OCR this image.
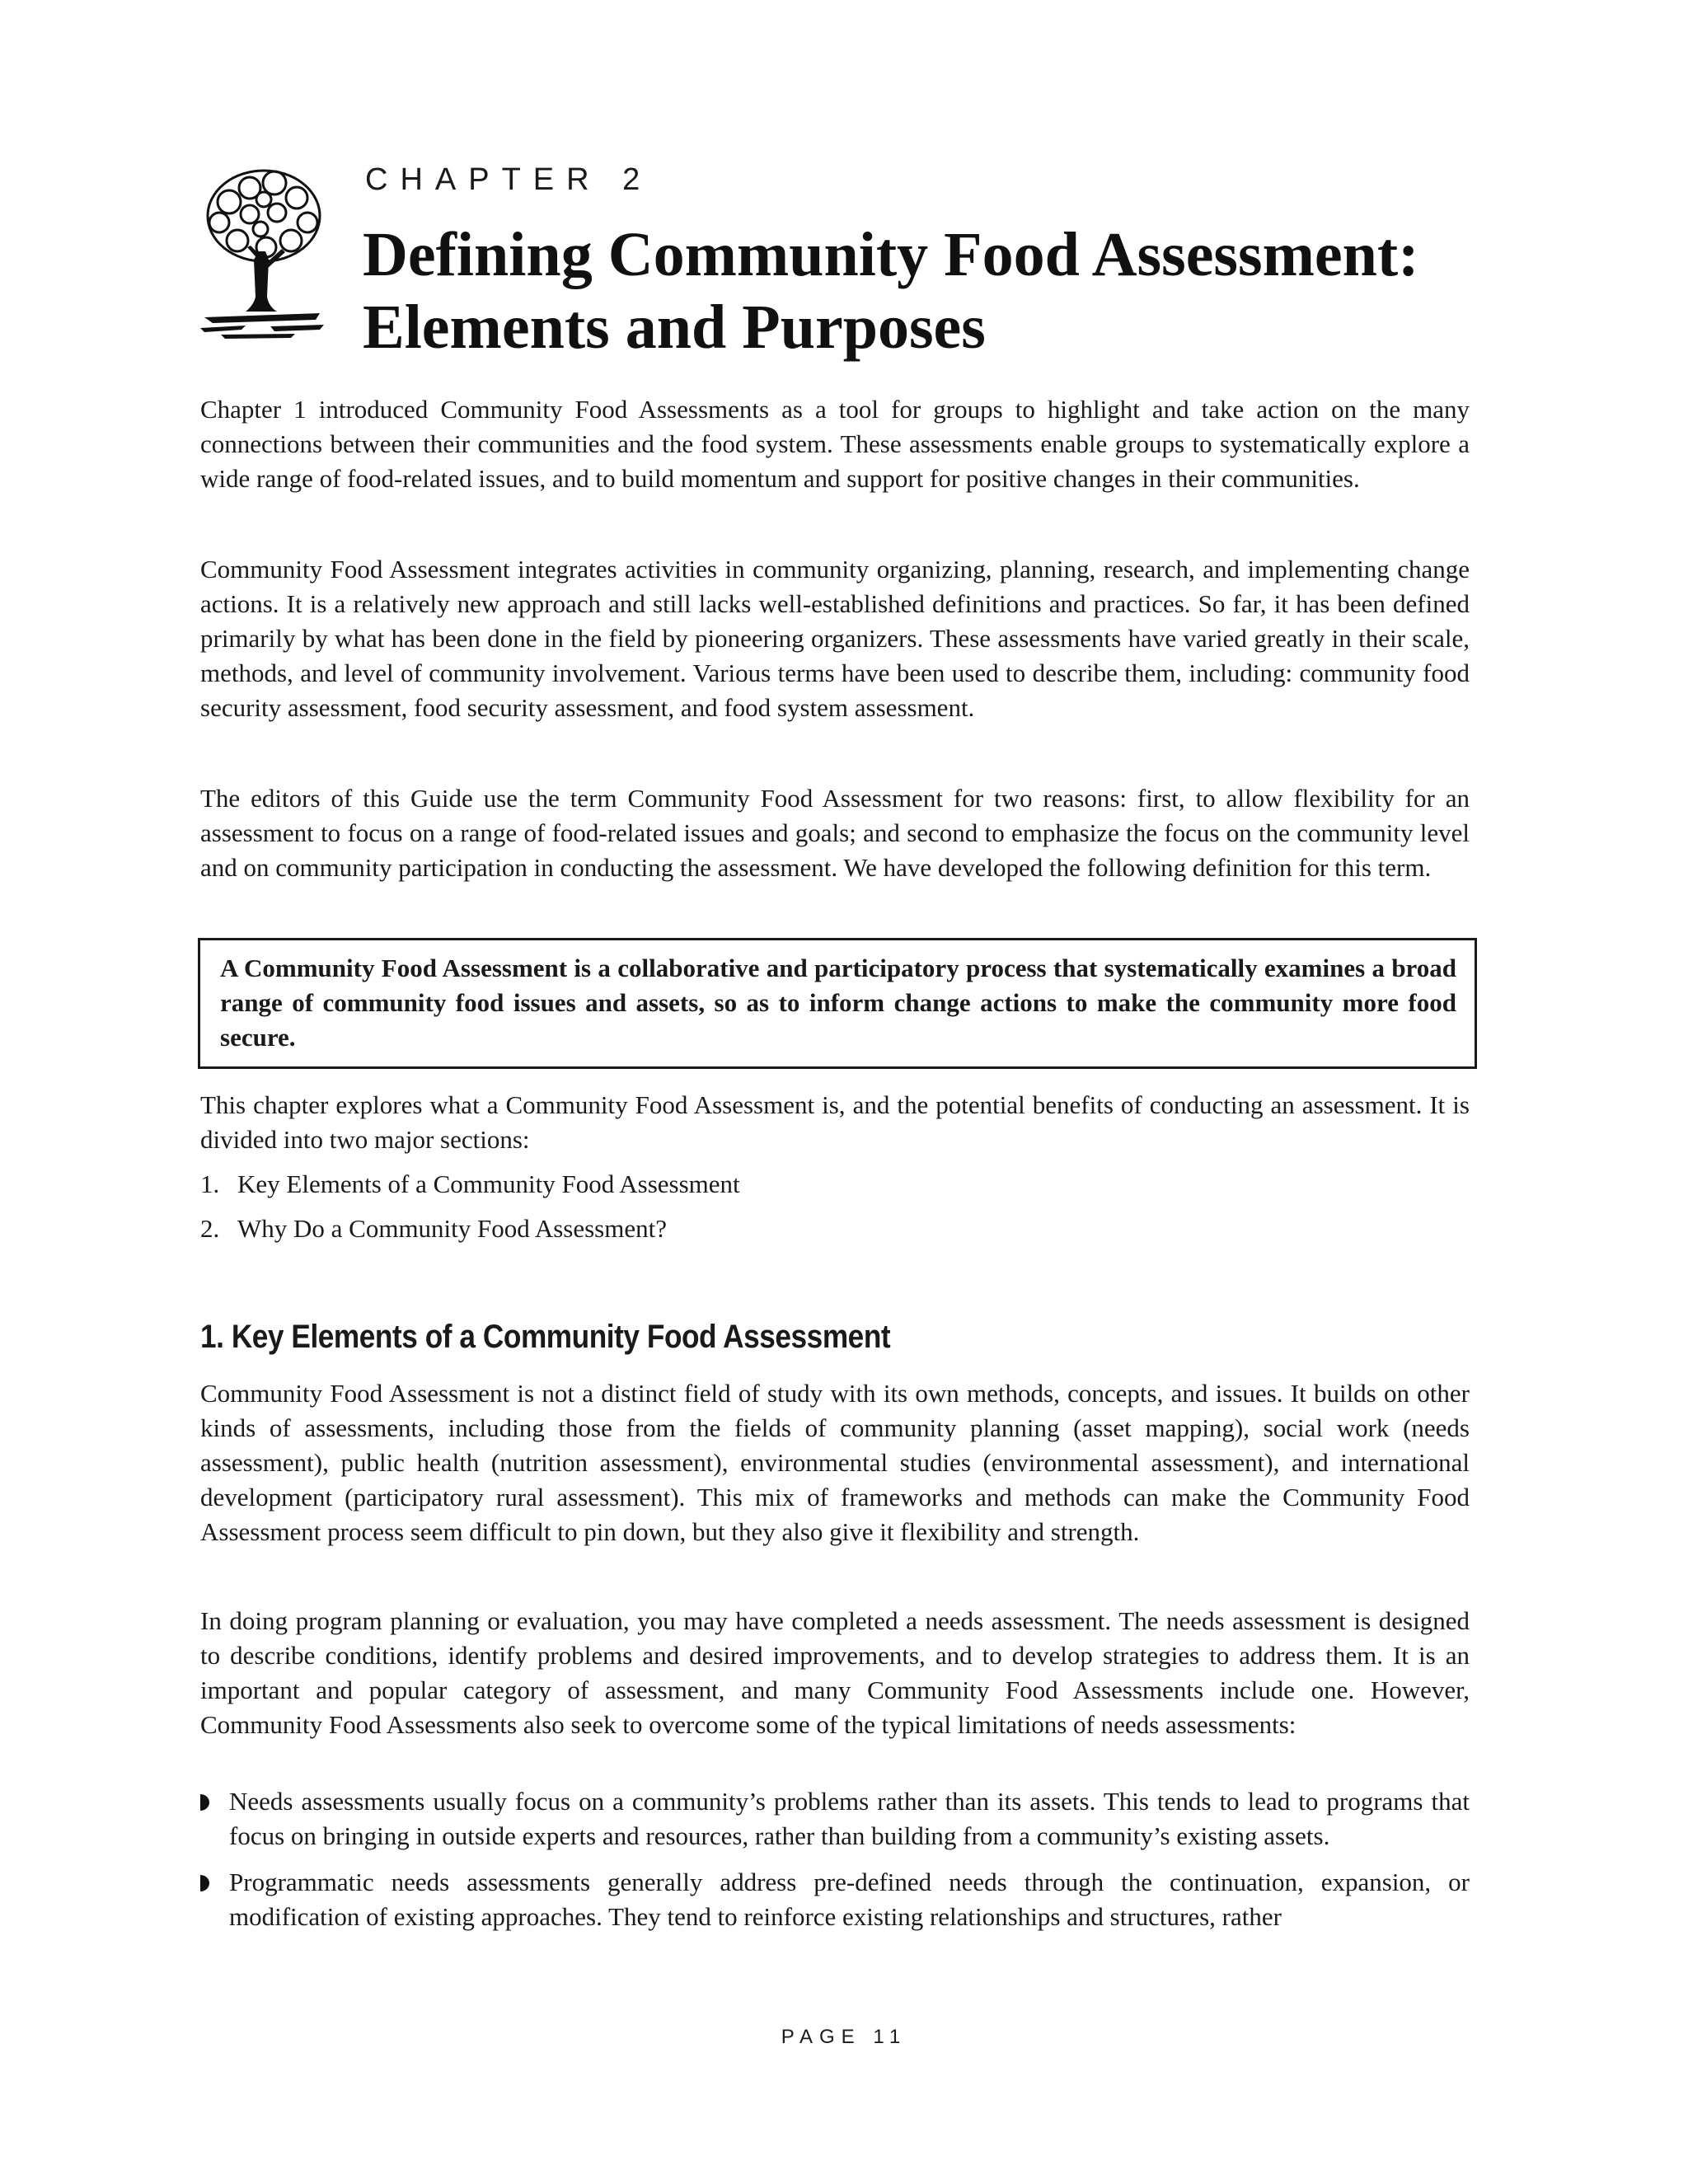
CHAPTER 2
Defining Community Food Assessment:
Elements and Purposes

Chapter 1 introduced Community Food Assessments as a tool for groups to highlight and take action on the many connections between their communities and the food system. These assessments enable groups to systematically explore a wide range of food-related issues, and to build momentum and support for positive changes in their communities.

Community Food Assessment integrates activities in community organizing, planning, research, and implementing change actions. It is a relatively new approach and still lacks well-established definitions and practices. So far, it has been defined primarily by what has been done in the field by pioneering organizers. These assessments have varied greatly in their scale, methods, and level of community involvement. Various terms have been used to describe them, including: community food security assessment, food security assessment, and food system assessment.

The editors of this Guide use the term Community Food Assessment for two reasons: first, to allow flexibility for an assessment to focus on a range of food-related issues and goals; and second to emphasize the focus on the community level and on community participation in conducting the assessment. We have developed the following definition for this term.

A Community Food Assessment is a collaborative and participatory process that systematically examines a broad range of community food issues and assets, so as to inform change actions to make the community more food secure.

This chapter explores what a Community Food Assessment is, and the potential benefits of conducting an assessment. It is divided into two major sections:

1. Key Elements of a Community Food Assessment
2. Why Do a Community Food Assessment?
1. Key Elements of a Community Food Assessment

Community Food Assessment is not a distinct field of study with its own methods, concepts, and issues. It builds on other kinds of assessments, including those from the fields of community planning (asset mapping), social work (needs assessment), public health (nutrition assessment), environmental studies (environmental assessment), and international development (participatory rural assessment). This mix of frameworks and methods can make the Community Food Assessment process seem difficult to pin down, but they also give it flexibility and strength.

In doing program planning or evaluation, you may have completed a needs assessment. The needs assessment is designed to describe conditions, identify problems and desired improvements, and to develop strategies to address them. It is an important and popular category of assessment, and many Community Food Assessments include one. However, Community Food Assessments also seek to overcome some of the typical limitations of needs assessments:

Needs assessments usually focus on a community’s problems rather than its assets. This tends to lead to programs that focus on bringing in outside experts and resources, rather than building from a community’s existing assets.
Programmatic needs assessments generally address pre-defined needs through the continuation, expansion, or modification of existing approaches. They tend to reinforce existing relationships and structures, rather
PAGE 11
